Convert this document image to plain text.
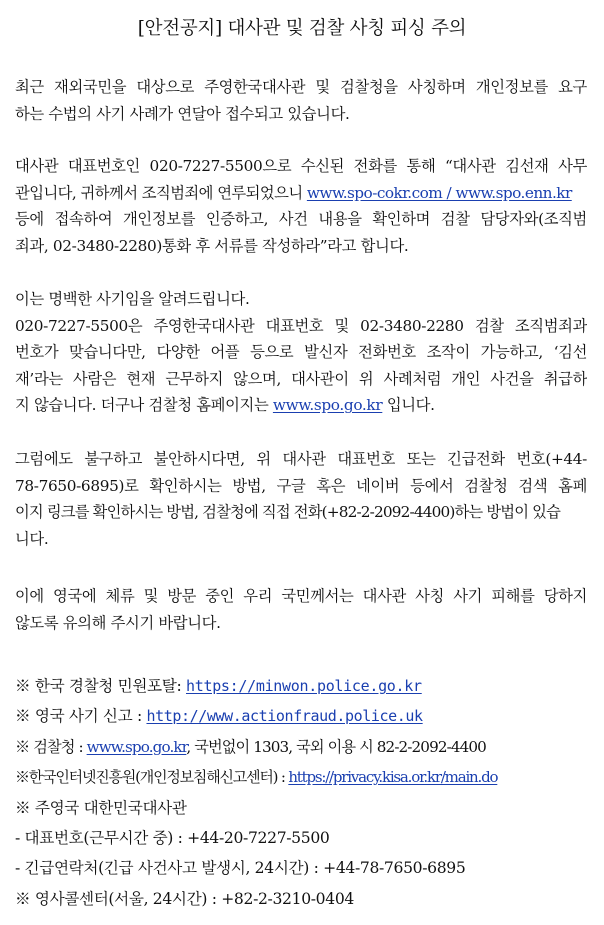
[안전공지] 대사관 및 검찰 사칭 피싱 주의
최근 재외국민을 대상으로 주영한국대사관 및 검찰청을 사칭하며 개인정보를 요구
하는 수법의 사기 사례가 연달아 접수되고 있습니다.
대사관 대표번호인 020-7227-5500으로 수신된 전화를 통해 “대사관 김선재 사무
관입니다, 귀하께서 조직범죄에 연루되었으니 www.spo-cokr.com / www.spo.enn.kr
등에 접속하여 개인정보를 인증하고, 사건 내용을 확인하며 검찰 담당자와(조직범
죄과, 02-3480-2280)통화 후 서류를 작성하라”라고 합니다.
이는 명백한 사기임을 알려드립니다.
020-7227-5500은 주영한국대사관 대표번호 및 02-3480-2280 검찰 조직범죄과
번호가 맞습니다만, 다양한 어플 등으로 발신자 전화번호 조작이 가능하고, ‘김선
재’라는 사람은 현재 근무하지 않으며, 대사관이 위 사례처럼 개인 사건을 취급하
지 않습니다. 더구나 검찰청 홈페이지는 www.spo.go.kr 입니다.
그럼에도 불구하고 불안하시다면, 위 대사관 대표번호 또는 긴급전화 번호(+44-
78-7650-6895)로 확인하시는 방법, 구글 혹은 네이버 등에서 검찰청 검색 홈페
이지 링크를 확인하시는 방법, 검찰청에 직접 전화(+82-2-2092-4400)하는 방법이 있습
니다.
이에 영국에 체류 및 방문 중인 우리 국민께서는 대사관 사칭 사기 피해를 당하지
않도록 유의해 주시기 바랍니다.
※ 한국 경찰청 민원포탈: https://minwon.police.go.kr
※ 영국 사기 신고 : http://www.actionfraud.police.uk
※ 검찰청 : www.spo.go.kr, 국번없이 1303, 국외 이용 시 82-2-2092-4400
※한국인터넷진흥원(개인정보침해신고센터) : https://privacy.kisa.or.kr/main.do
※ 주영국 대한민국대사관
- 대표번호(근무시간 중) : +44-20-7227-5500
- 긴급연락처(긴급 사건사고 발생시, 24시간) : +44-78-7650-6895
※ 영사콜센터(서울, 24시간) : +82-2-3210-0404
